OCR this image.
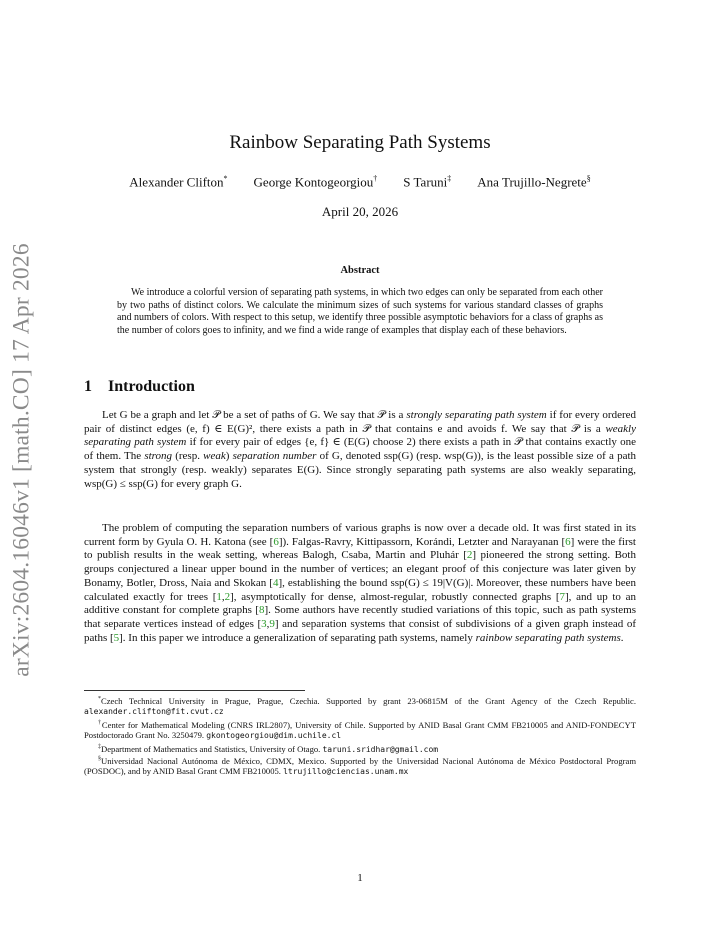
arXiv:2604.16046v1 [math.CO] 17 Apr 2026
Rainbow Separating Path Systems
Alexander Clifton* George Kontogeorgiou† S Taruni‡ Ana Trujillo-Negrete§
April 20, 2026
Abstract
We introduce a colorful version of separating path systems, in which two edges can only be separated from each other by two paths of distinct colors. We calculate the minimum sizes of such systems for various standard classes of graphs and numbers of colors. With respect to this setup, we identify three possible asymptotic behaviors for a class of graphs as the number of colors goes to infinity, and we find a wide range of examples that display each of these behaviors.
1 Introduction
Let G be a graph and let 𝒫 be a set of paths of G. We say that 𝒫 is a strongly separating path system if for every ordered pair of distinct edges (e, f) ∈ E(G)², there exists a path in 𝒫 that contains e and avoids f. We say that 𝒫 is a weakly separating path system if for every pair of edges {e, f} ∈ (E(G) choose 2) there exists a path in 𝒫 that contains exactly one of them. The strong (resp. weak) separation number of G, denoted ssp(G) (resp. wsp(G)), is the least possible size of a path system that strongly (resp. weakly) separates E(G). Since strongly separating path systems are also weakly separating, wsp(G) ≤ ssp(G) for every graph G.
The problem of computing the separation numbers of various graphs is now over a decade old. It was first stated in its current form by Gyula O. H. Katona (see [6]). Falgas-Ravry, Kittipassorn, Korándi, Letzter and Narayanan [6] were the first to publish results in the weak setting, whereas Balogh, Csaba, Martin and Pluhár [2] pioneered the strong setting. Both groups conjectured a linear upper bound in the number of vertices; an elegant proof of this conjecture was later given by Bonamy, Botler, Dross, Naia and Skokan [4], establishing the bound ssp(G) ≤ 19|V(G)|. Moreover, these numbers have been calculated exactly for trees [1,2], asymptotically for dense, almost-regular, robustly connected graphs [7], and up to an additive constant for complete graphs [8]. Some authors have recently studied variations of this topic, such as path systems that separate vertices instead of edges [3,9] and separation systems that consist of subdivisions of a given graph instead of paths [5]. In this paper we introduce a generalization of separating path systems, namely rainbow separating path systems.
*Czech Technical University in Prague, Prague, Czechia. Supported by grant 23-06815M of the Grant Agency of the Czech Republic. alexander.clifton@fit.cvut.cz
†Center for Mathematical Modeling (CNRS IRL2807), University of Chile. Supported by ANID Basal Grant CMM FB210005 and ANID-FONDECYT Postdoctorado Grant No. 3250479. gkontogeorgiou@dim.uchile.cl
‡Department of Mathematics and Statistics, University of Otago. taruni.sridhar@gmail.com
§Universidad Nacional Autónoma de México, CDMX, Mexico. Supported by the Universidad Nacional Autónoma de México Postdoctoral Program (POSDOC), and by ANID Basal Grant CMM FB210005. ltrujillo@ciencias.unam.mx
1
